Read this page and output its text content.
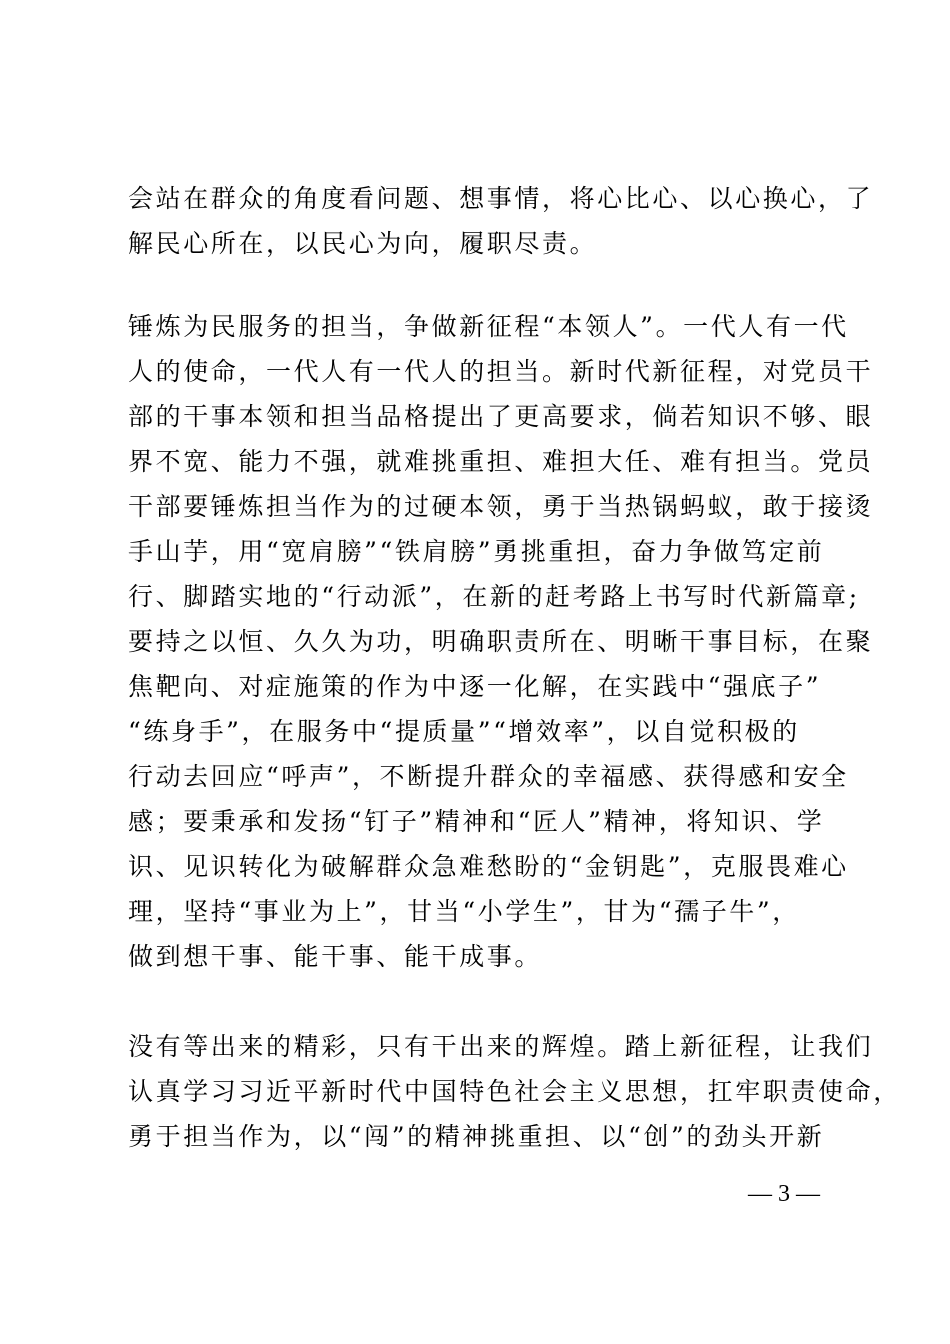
会站在群众的角度看问题、想事情，将心比心、以心换心，了
解民心所在，以民心为向，履职尽责。
锤炼为民服务的担当，争做新征程“本领人”。一代人有一代
人的使命，一代人有一代人的担当。新时代新征程，对党员干
部的干事本领和担当品格提出了更高要求，倘若知识不够、眼
界不宽、能力不强，就难挑重担、难担大任、难有担当。党员
干部要锤炼担当作为的过硬本领，勇于当热锅蚂蚁，敢于接烫
手山芋，用“宽肩膀”“铁肩膀”勇挑重担，奋力争做笃定前
行、脚踏实地的“行动派”，在新的赶考路上书写时代新篇章;
要持之以恒、久久为功，明确职责所在、明晰干事目标，在聚
焦靶向、对症施策的作为中逐一化解，在实践中“强底子”
“练身手”，在服务中“提质量”“增效率”，以自觉积极的
行动去回应“呼声”，不断提升群众的幸福感、获得感和安全
感；要秉承和发扬“钉子”精神和“匠人”精神，将知识、学
识、见识转化为破解群众急难愁盼的“金钥匙”，克服畏难心
理，坚持“事业为上”，甘当“小学生”，甘为“孺子牛”，
做到想干事、能干事、能干成事。
没有等出来的精彩，只有干出来的辉煌。踏上新征程，让我们
认真学习习近平新时代中国特色社会主义思想，扛牢职责使命，
勇于担当作为，以“闯”的精神挑重担、以“创”的劲头开新
— 3 —
